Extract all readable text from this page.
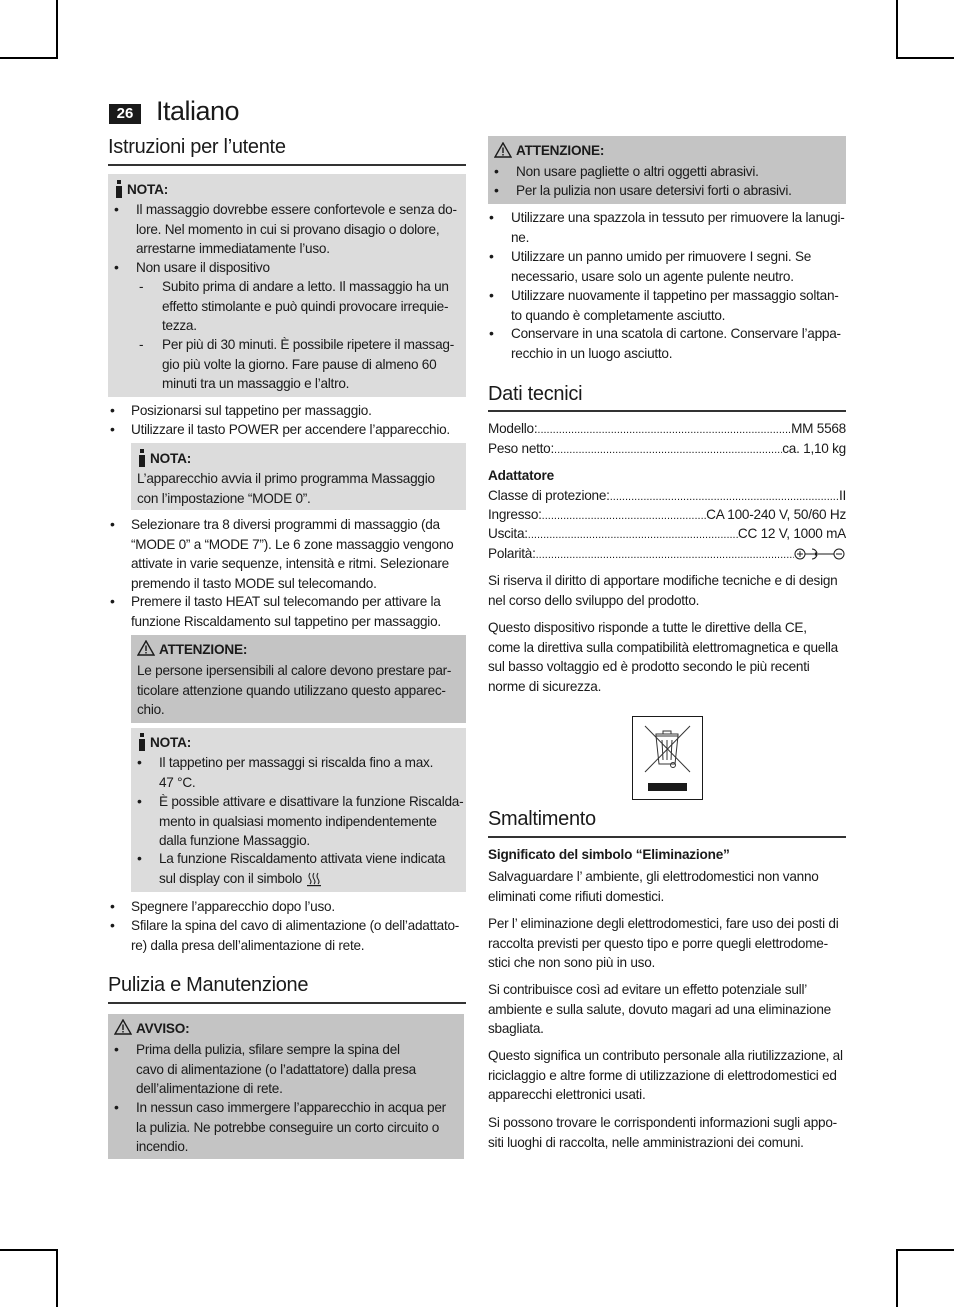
26 Italiano
Istruzioni per l’utente
NOTA:
• Il massaggio dovrebbe essere confortevole e senza do-
lore. Nel momento in cui si provano disagio o dolore,
arrestarne immediatamente l’uso.
• Non usare il dispositivo
- Subito prima di andare a letto. Il massaggio ha un
effetto stimolante e può quindi provocare irrequie-
tezza.
- Per più di 30 minuti. È possibile ripetere il massag-
gio più volte la giorno. Fare pause di almeno 60
minuti tra un massaggio e l’altro.
• Posizionarsi sul tappetino per massaggio.
• Utilizzare il tasto POWER per accendere l’apparecchio.
NOTA:
L’apparecchio avvia il primo programma Massaggio
con l’impostazione “MODE 0”.
• Selezionare tra 8 diversi programmi di massaggio (da
“MODE 0” a “MODE 7”). Le 6 zone massaggio vengono
attivate in varie sequenze, intensità e ritmi. Selezionare
premendo il tasto MODE sul telecomando.
• Premere il tasto HEAT sul telecomando per attivare la
funzione Riscaldamento sul tappetino per massaggio.
ATTENZIONE:
Le persone ipersensibili al calore devono prestare par-
ticolare attenzione quando utilizzano questo apparec-
chio.
NOTA:
• Il tappetino per massaggi si riscalda fino a max.
47 °C.
• È possible attivare e disattivare la funzione Riscalda-
mento in qualsiasi momento indipendentemente
dalla funzione Massaggio.
• La funzione Riscaldamento attivata viene indicata
sul display con il simbolo
• Spegnere l’apparecchio dopo l’uso.
• Sfilare la spina del cavo di alimentazione (o dell’adattato-
re) dalla presa dell’alimentazione di rete.
Pulizia e Manutenzione
AVVISO:
• Prima della pulizia, sfilare sempre la spina del
cavo di alimentazione (o l’adattatore) dalla presa
dell’alimentazione di rete.
• In nessun caso immergere l’apparecchio in acqua per
la pulizia. Ne potrebbe conseguire un corto circuito o
incendio.
ATTENZIONE:
• Non usare pagliette o altri oggetti abrasivi.
• Per la pulizia non usare detersivi forti o abrasivi.
• Utilizzare una spazzola in tessuto per rimuovere la lanugi-
ne.
• Utilizzare un panno umido per rimuovere I segni. Se
necessario, usare solo un agente pulente neutro.
• Utilizzare nuovamente il tappetino per massaggio soltan-
to quando è completamente asciutto.
• Conservare in una scatola di cartone. Conservare l’appa-
recchio in un luogo asciutto.
Dati tecnici
Modello: .....	MM 5568
Peso netto: .....	ca. 1,10 kg
Adattatore
Classe di protezione: .....	II
Ingresso: .....	CA 100-240 V, 50/60 Hz
Uscita: .....	CC 12 V, 1000 mA
Polarità:
.....
Si riserva il diritto di apportare modifiche tecniche e di design
nel corso dello sviluppo del prodotto.
Questo dispositivo risponde a tutte le direttive della CE,
come la direttiva sulla compatibilità elettromagnetica e quella
sul basso voltaggio ed è prodotto secondo le più recenti
norme di sicurezza.
Smaltimento
Significato del simbolo “Eliminazione”
Salvaguardare l’ ambiente, gli elettrodomestici non vanno
eliminati come rifiuti domestici.
Per l’ eliminazione degli elettrodomestici, fare uso dei posti di
raccolta previsti per questo tipo e porre quegli elettrodome-
stici che non sono più in uso.
Si contribuisce così ad evitare un effetto potenziale sull’
ambiente e sulla salute, dovuto magari ad una eliminazione
sbagliata.
Questo significa un contributo personale alla riutilizzazione, al
riciclaggio e altre forme di utilizzazione di elettrodomestici ed
apparecchi elettronici usati.
Si possono trovare le corrispondenti informazioni sugli appo-
siti luoghi di raccolta, nelle amministrazioni dei comuni.
